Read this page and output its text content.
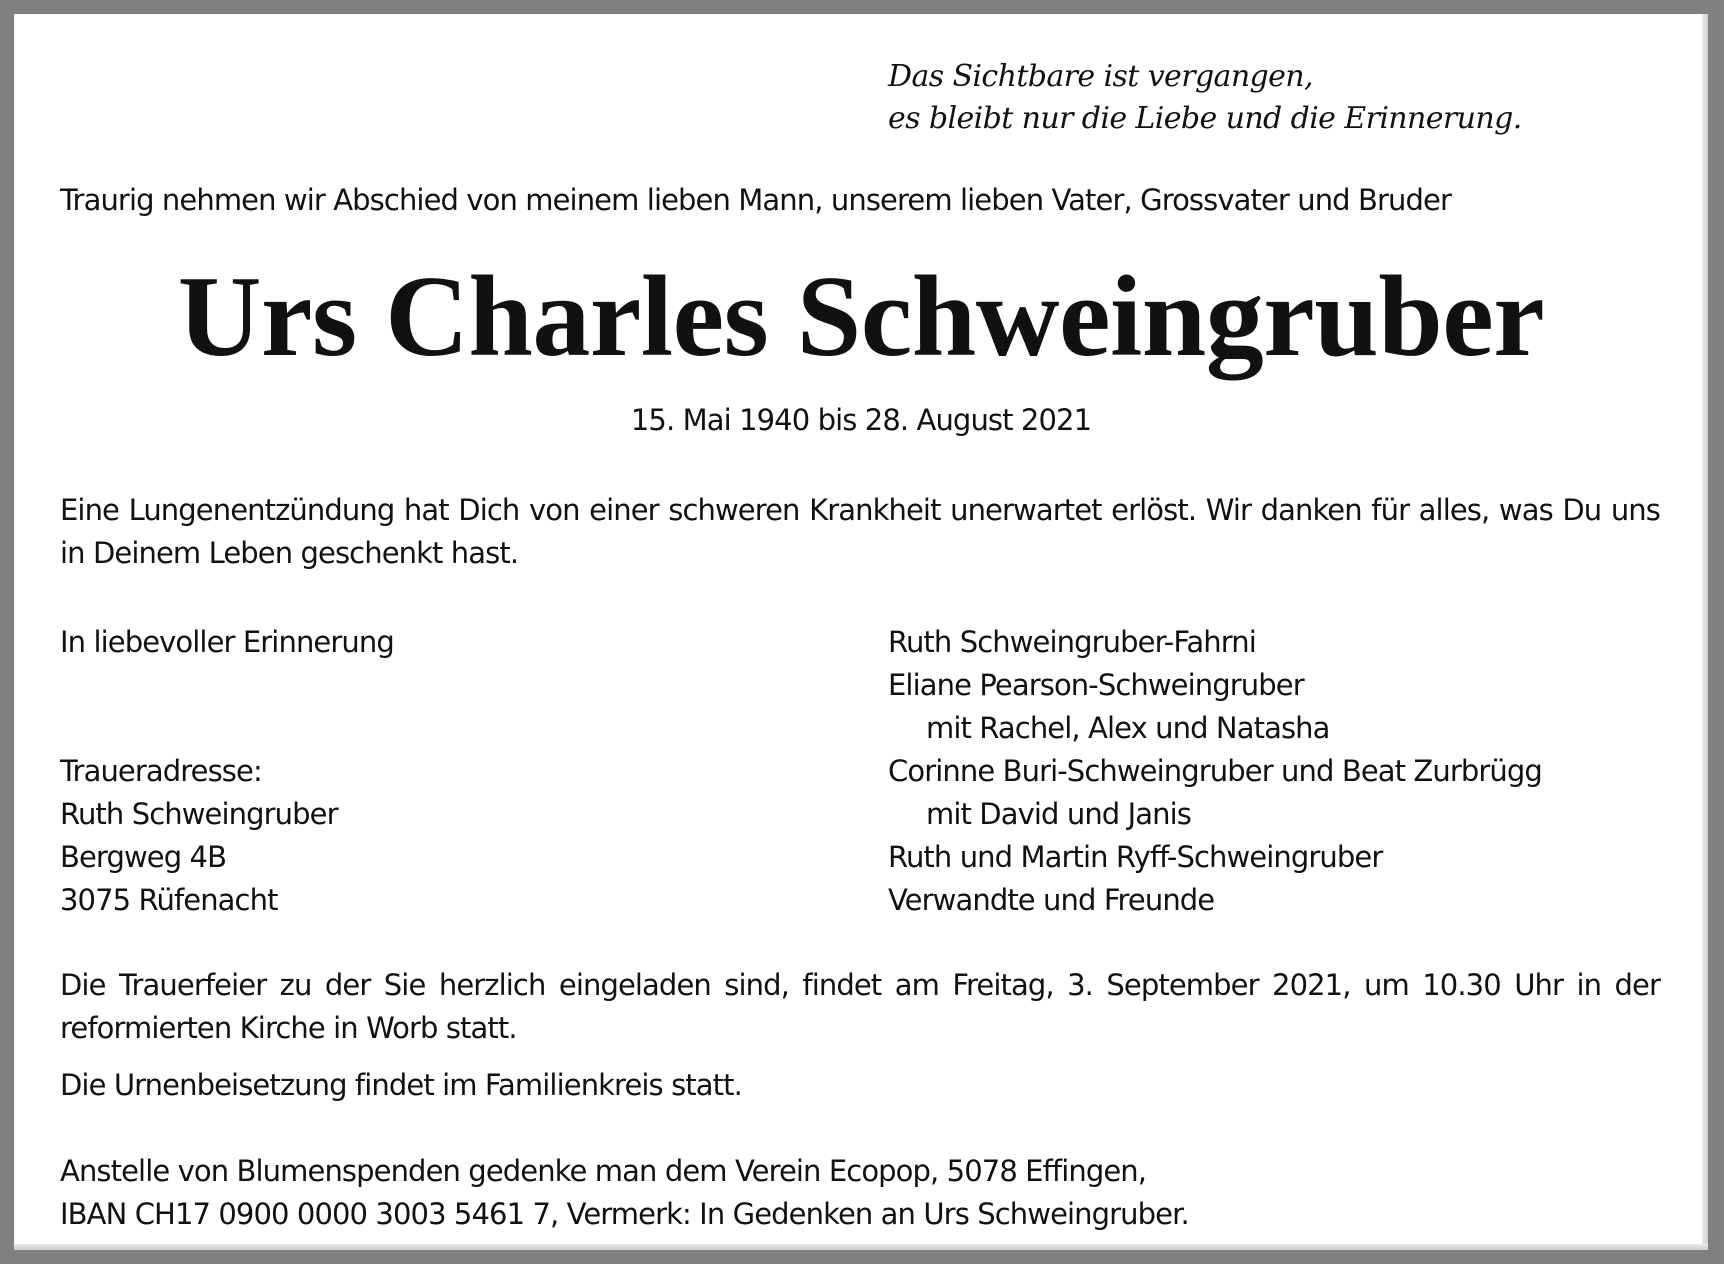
Das Sichtbare ist vergangen,
es bleibt nur die Liebe und die Erinnerung.

Traurig nehmen wir Abschied von meinem lieben Mann, unserem lieben Vater, Grossvater und Bruder

Urs Charles Schweingruber

15. Mai 1940 bis 28. August 2021

Eine Lungenentzündung hat Dich von einer schweren Krankheit unerwartet erlöst. Wir danken für alles, was Du uns in Deinem Leben geschenkt hast.

In liebevoller Erinnerung
Traueradresse:
Ruth Schweingruber
Bergweg 4B
3075 Rüfenacht
Ruth Schweingruber-Fahrni
Eliane Pearson-Schweingruber
mit Rachel, Alex und Natasha
Corinne Buri-Schweingruber und Beat Zurbrügg
mit David und Janis
Ruth und Martin Ryff-Schweingruber
Verwandte und Freunde

Die Trauerfeier zu der Sie herzlich eingeladen sind, findet am Freitag, 3. September 2021, um 10.30 Uhr in der reformierten Kirche in Worb statt.

Die Urnenbeisetzung findet im Familienkreis statt.

Anstelle von Blumenspenden gedenke man dem Verein Ecopop, 5078 Effingen,
IBAN CH17 0900 0000 3003 5461 7, Vermerk: In Gedenken an Urs Schweingruber.
